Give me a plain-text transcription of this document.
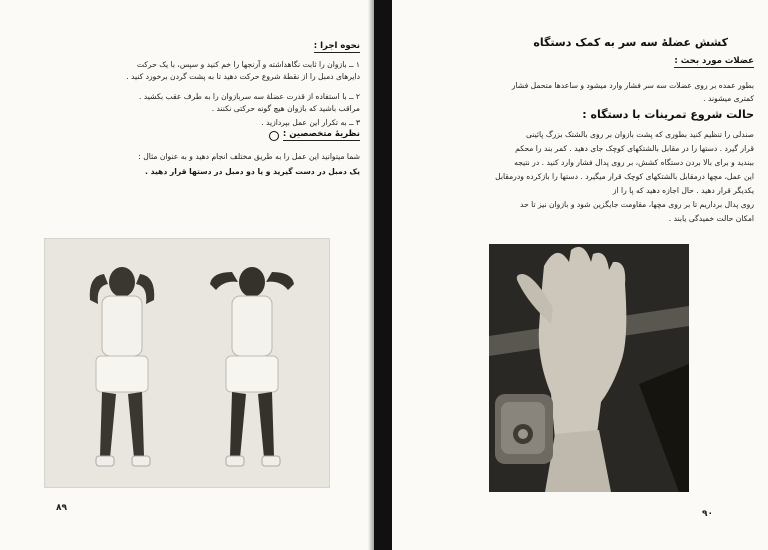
نحوه اجرا :
۱ ــ بازوان را ثابت نگاهداشته و آرنجها را خم کنید و سپس، با یک حرکت
دایرهای دمبل را از نقطهٔ شروع حرکت دهید تا به پشت گردن برخورد کنید .
۲ ــ با استفاده از قدرت عضلهٔ سه سربازوان را به طرف عقب بکشید .
مراقب باشید که بازوان هیچ گونه حرکتی نکنند .
۳ ــ به تکرار این عمل بپردازید .
نظریهٔ متخصصین :
شما میتوانید این عمل را به طریق مختلف انجام دهید و به عنوان مثال :
یک دمبل در دست گیرید و یا دو دمبل در دستها قرار دهید .
۸۹
کشش عضلهٔ سه سر به کمک دستگاه
عضلات مورد بحث :
بطور عمده بر روی عضلات سه سر فشار وارد میشود و ساعدها متحمل فشار
کمتری میشوند .
حالت شروع تمرینات با دستگاه :
صندلی را تنظیم کنید بطوری که پشت بازوان بر روی بالشتک بزرگ پائینی
قرار گیرد . دستها را در مقابل بالشتکهای کوچک جای دهید . کمر بند را محکم
ببندید و برای بالا بردن دستگاه کشش، بر روی پدال فشار وارد کنید . در نتیجه
این عمل، مچها درمقابل بالشتکهای کوچک قرار میگیرد . دستها را بازکرده ودرمقابل
یکدیگر قرار دهید . حال اجازه دهید که پا را از
روی پدال برداریم تا بر روی مچها، مقاومت جایگزین شود و بازوان نیز تا حد
امکان حالت خمیدگی یابند .
۹۰
